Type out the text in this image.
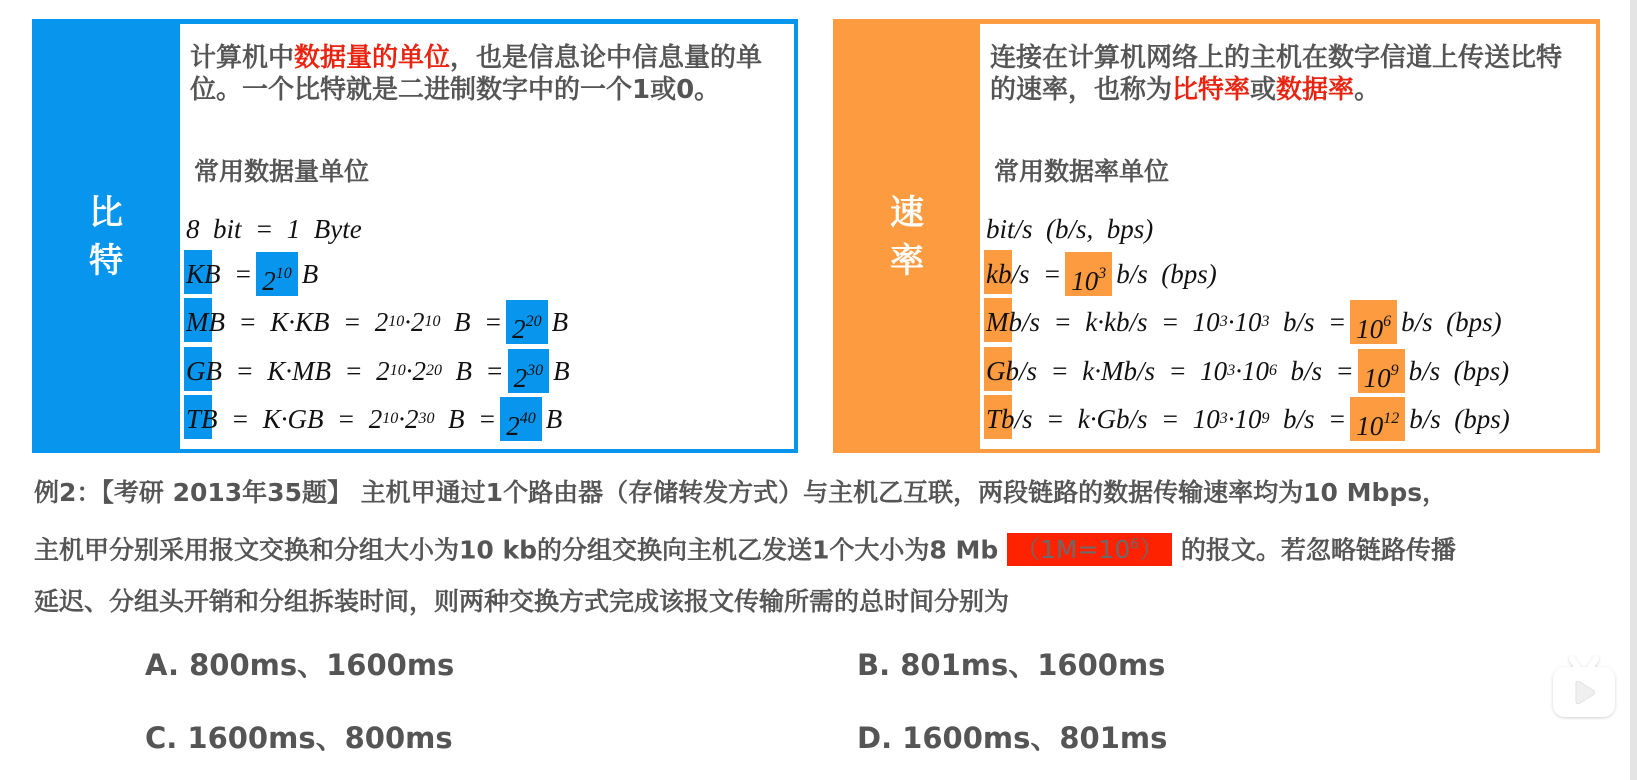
比
特
计算机中数据量的单位，也是信息论中信息量的单位。一个比特就是二进制数字中的一个1或0。
常用数据量单位
8  bit  =  1  Byte
K $B = 2^{10}$ B
M B  =  K·KB  =  2 10 ·2 10 $B = 2^{20}$ B
G B  =  K·MB  =  2 10 ·2 20 $B = 2^{30}$ B
T B  =  K·GB  =  2 10 ·2 30 $B = 2^{40}$ B
速
率
连接在计算机网络上的主机在数字信道上传送比特的速率，也称为比特率或数据率。
常用数据率单位
bit/s  (b/s,  bps)
k $b/s = 10^3$ b/s  (bps)
M b/s  =  k·kb/s  =  10 3 ·10 3 $b/s = 10^6$ b/s  (bps)
G b/s  =  k·Mb/s  =  10 3 ·10 6 $b/s = 10^9$ b/s  (bps)
T b/s  =  k·Gb/s  =  10 3 ·10 9 $b/s = 10^{12}$ b/s  (bps)
例2：【考研 2013年35题】 主机甲通过1个路由器（存储转发方式）与主机乙互联，两段链路的数据传输速率均为10 Mbps，
主机甲分别采用报文交换和分组大小为10 kb的分组交换向主机乙发送1个大小为8 Mb $(1M=10^6)$ 的报文。若忽略链路传播
延迟、分组头开销和分组拆装时间，则两种交换方式完成该报文传输所需的总时间分别为
A. 800ms、1600ms	B. 801ms、1600ms
C. 1600ms、800ms	D. 1600ms、801ms
